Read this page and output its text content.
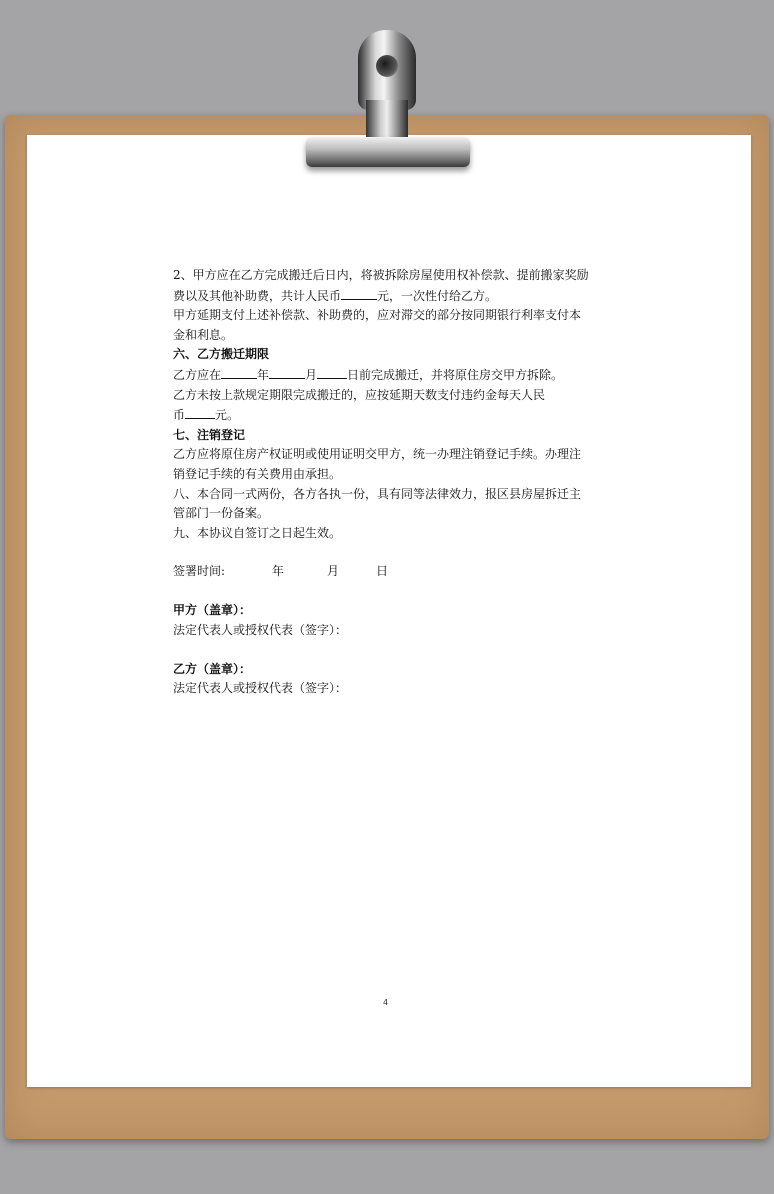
​

2、甲方应在乙方完成搬迁后日内，将被拆除房屋使用权补偿款、提前搬家奖励

费以及其他补助费，共计人民币	元，一次性付给乙方。

甲方延期支付上述补偿款、补助费的，应对滞交的部分按同期银行利率支付本

金和利息。

六、乙方搬迁期限

乙方应在	年	月	日前完成搬迁，并将原住房交甲方拆除。

乙方未按上款规定期限完成搬迁的，应按延期天数支付违约金每天人民

币	元。

七、注销登记

乙方应将原住房产权证明或使用证明交甲方，统一办理注销登记手续。办理注

销登记手续的有关费用由承担。

八、本合同一式两份，各方各执一份，具有同等法律效力，报区县房屋拆迁主

管部门一份备案。

九、本协议自签订之日起生效。

签署时间:	年	月	日

甲方（盖章）：

法定代表人或授权代表（签字）：

乙方（盖章）：

法定代表人或授权代表（签字）：

4
